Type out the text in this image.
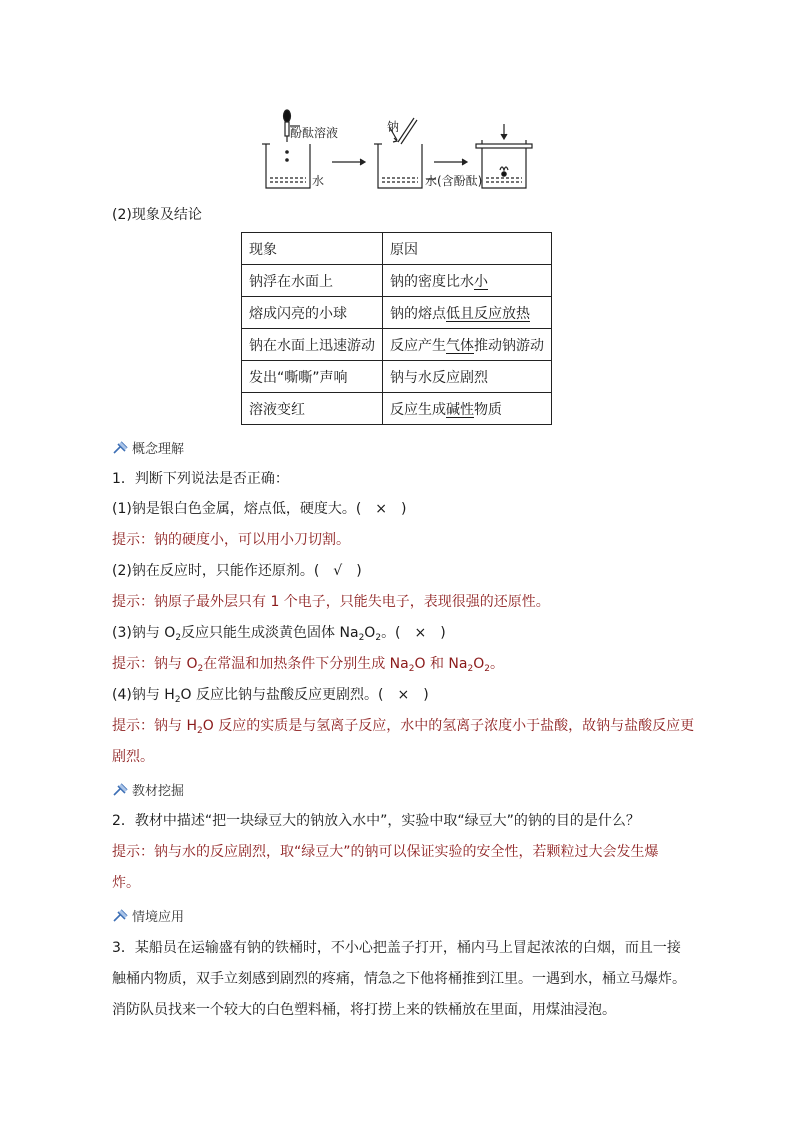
酚酞溶液
水
钠
水(含酚酞)
(2)现象及结论
现象	原因
钠浮在水面上	钠的密度比水小
熔成闪亮的小球	钠的熔点低且反应放热
钠在水面上迅速游动	反应产生气体推动钠游动
发出“嘶嘶”声响	钠与水反应剧烈
溶液变红	反应生成碱性物质
概念理解
1．判断下列说法是否正确：
(1)钠是银白色金属，熔点低，硬度大。( × )
提示：钠的硬度小，可以用小刀切割。
(2)钠在反应时，只能作还原剂。( √ )
提示：钠原子最外层只有 1 个电子，只能失电子，表现很强的还原性。
(3)钠与 $O_2$反应只能生成淡黄色固体 $Na_2O_2$。( × )
提示：钠与 $O_2$在常温和加热条件下分别生成 $Na_2O$ 和 $Na_2O_2$。
(4)钠与 $H_2O$ 反应比钠与盐酸反应更剧烈。( × )
提示：钠与 $H_2O$ 反应的实质是与氢离子反应，水中的氢离子浓度小于盐酸，故钠与盐酸反应更
剧烈。
教材挖掘
2．教材中描述“把一块绿豆大的钠放入水中”，实验中取“绿豆大”的钠的目的是什么？
提示：钠与水的反应剧烈，取“绿豆大”的钠可以保证实验的安全性，若颗粒过大会发生爆
炸。
情境应用
3．某船员在运输盛有钠的铁桶时，不小心把盖子打开，桶内马上冒起浓浓的白烟，而且一接
触桶内物质，双手立刻感到剧烈的疼痛，情急之下他将桶推到江里。一遇到水，桶立马爆炸。
消防队员找来一个较大的白色塑料桶，将打捞上来的铁桶放在里面，用煤油浸泡。
